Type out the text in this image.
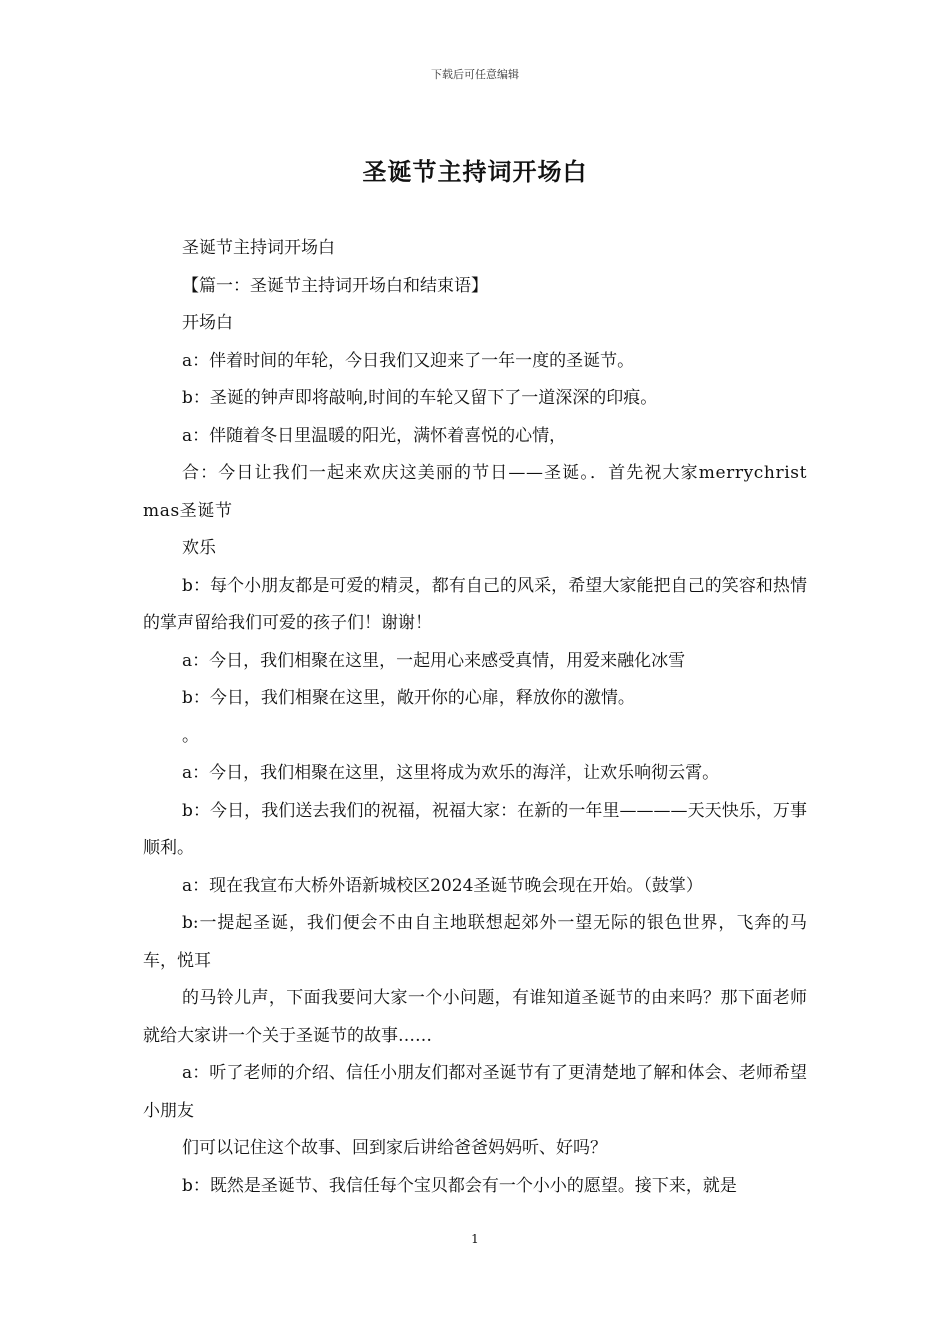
下载后可任意编辑
圣诞节主持词开场白

圣诞节主持词开场白

【篇一：圣诞节主持词开场白和结束语】

开场白

a：伴着时间的年轮，今日我们又迎来了一年一度的圣诞节。

b：圣诞的钟声即将敲响,时间的车轮又留下了一道深深的印痕。

a：伴随着冬日里温暖的阳光，满怀着喜悦的心情，

合：今日让我们一起来欢庆这美丽的节日——圣诞。．首先祝大家merrychristmas圣诞节

欢乐

b：每个小朋友都是可爱的精灵，都有自己的风采，希望大家能把自己的笑容和热情的掌声留给我们可爱的孩子们！谢谢！

a：今日，我们相聚在这里，一起用心来感受真情，用爱来融化冰雪

b：今日，我们相聚在这里，敞开你的心扉，释放你的激情。

。

a：今日，我们相聚在这里，这里将成为欢乐的海洋，让欢乐响彻云霄。

b：今日，我们送去我们的祝福，祝福大家：在新的一年里————天天快乐，万事顺利。

a：现在我宣布大桥外语新城校区2024圣诞节晚会现在开始。（鼓掌）

b:一提起圣诞，我们便会不由自主地联想起郊外一望无际的银色世界，飞奔的马车，悦耳

的马铃儿声，下面我要问大家一个小问题，有谁知道圣诞节的由来吗？那下面老师就给大家讲一个关于圣诞节的故事……

a：听了老师的介绍、信任小朋友们都对圣诞节有了更清楚地了解和体会、老师希望小朋友

们可以记住这个故事、回到家后讲给爸爸妈妈听、好吗？

b：既然是圣诞节、我信任每个宝贝都会有一个小小的愿望。接下来，就是

1
